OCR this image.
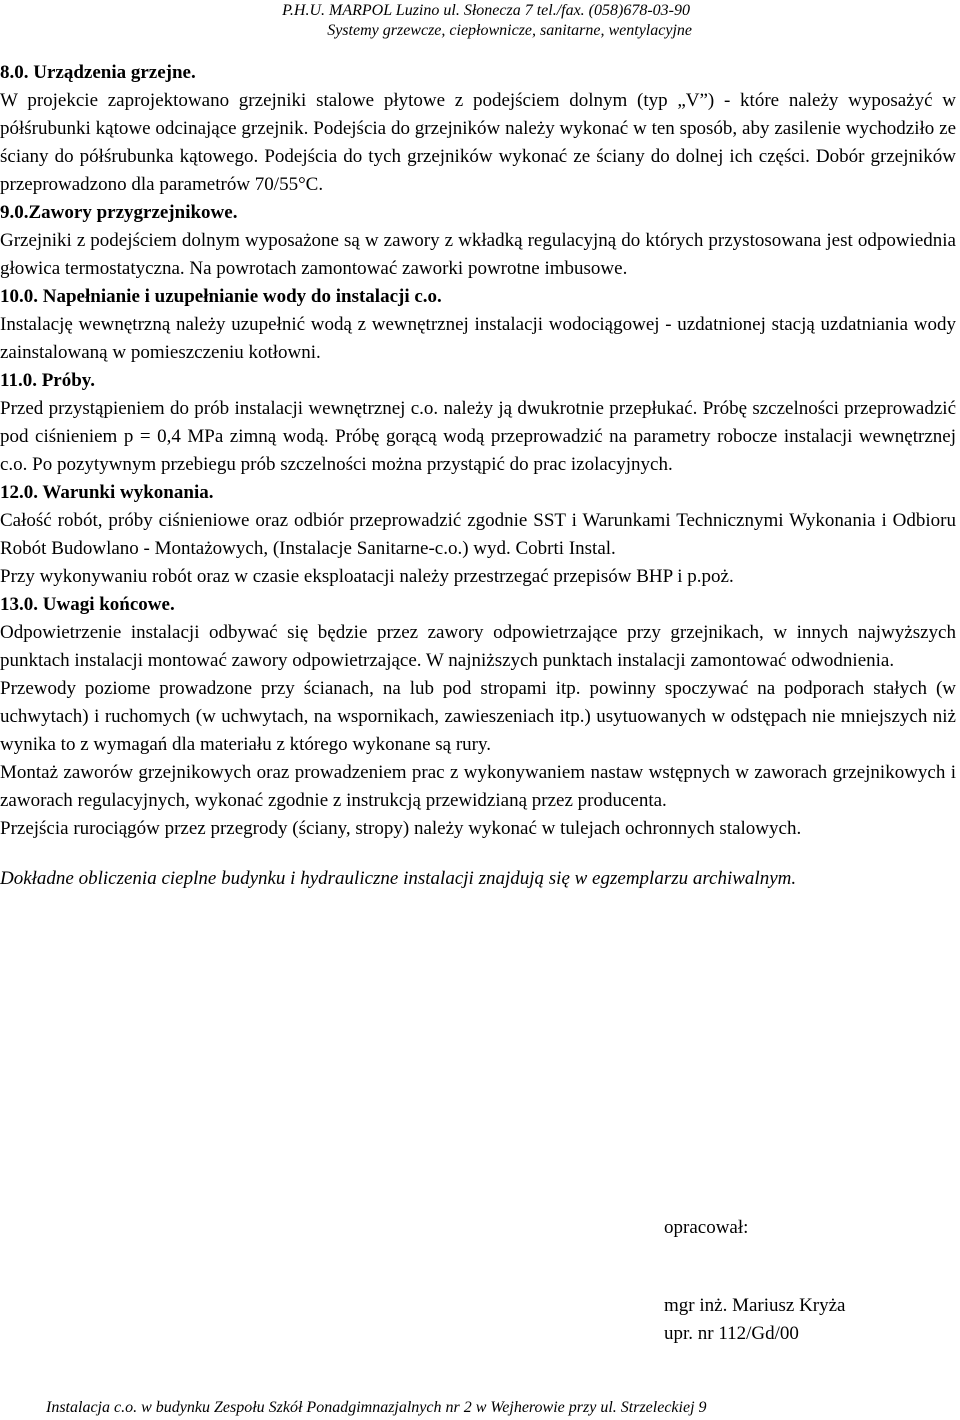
P.H.U. MARPOL Luzino ul. Słonecza 7 tel./fax. (058)678-03-90
Systemy grzewcze, ciepłownicze, sanitarne, wentylacyjne

8.0. Urządzenia grzejne.

W projekcie zaprojektowano grzejniki stalowe płytowe z podejściem dolnym (typ „V”) - które należy wyposażyć w półśrubunki kątowe odcinające grzejnik. Podejścia do grzejników należy wykonać w ten sposób, aby zasilenie wychodziło ze ściany do półśrubunka kątowego. Podejścia do tych grzejników wykonać ze ściany do dolnej ich części. Dobór grzejników przeprowadzono dla parametrów 70/55°C.

9.0.Zawory przygrzejnikowe.

Grzejniki z podejściem dolnym wyposażone są w zawory z wkładką regulacyjną do których przystosowana jest odpowiednia głowica termostatyczna. Na powrotach zamontować zaworki powrotne imbusowe.

10.0. Napełnianie i uzupełnianie wody do instalacji c.o.

Instalację wewnętrzną należy uzupełnić wodą z wewnętrznej instalacji wodociągowej - uzdatnionej stacją uzdatniania wody zainstalowaną w pomieszczeniu kotłowni.

11.0. Próby.

Przed przystąpieniem do prób instalacji wewnętrznej c.o. należy ją dwukrotnie przepłukać. Próbę szczelności przeprowadzić pod ciśnieniem p = 0,4 MPa zimną wodą. Próbę gorącą wodą przeprowadzić na parametry robocze instalacji wewnętrznej c.o. Po pozytywnym przebiegu prób szczelności można przystąpić do prac izolacyjnych.

12.0. Warunki wykonania.

Całość robót, próby ciśnieniowe oraz odbiór przeprowadzić zgodnie SST i Warunkami Technicznymi Wykonania i Odbioru Robót Budowlano - Montażowych, (Instalacje Sanitarne-c.o.) wyd. Cobrti Instal.

Przy wykonywaniu robót oraz w czasie eksploatacji należy przestrzegać przepisów BHP i p.poż.

13.0. Uwagi końcowe.

Odpowietrzenie instalacji odbywać się będzie przez zawory odpowietrzające przy grzejnikach, w innych najwyższych punktach instalacji montować zawory odpowietrzające. W najniższych punktach instalacji zamontować odwodnienia.

Przewody poziome prowadzone przy ścianach, na lub pod stropami itp. powinny spoczywać na podporach stałych (w uchwytach) i ruchomych (w uchwytach, na wspornikach, zawieszeniach itp.) usytuowanych w odstępach nie mniejszych niż wynika to z wymagań dla materiału z którego wykonane są rury.

Montaż zaworów grzejnikowych oraz prowadzeniem prac z wykonywaniem nastaw wstępnych w zaworach grzejnikowych i zaworach regulacyjnych, wykonać zgodnie z instrukcją przewidzianą przez producenta.

Przejścia rurociągów przez przegrody (ściany, stropy) należy wykonać w tulejach ochronnych stalowych.

Dokładne obliczenia cieplne budynku i hydrauliczne instalacji znajdują się w egzemplarzu archiwalnym.

opracował:
mgr inż. Mariusz Kryża
upr. nr 112/Gd/00
Instalacja c.o. w budynku Zespołu Szkół Ponadgimnazjalnych nr 2 w Wejherowie przy ul. Strzeleckiej 9
